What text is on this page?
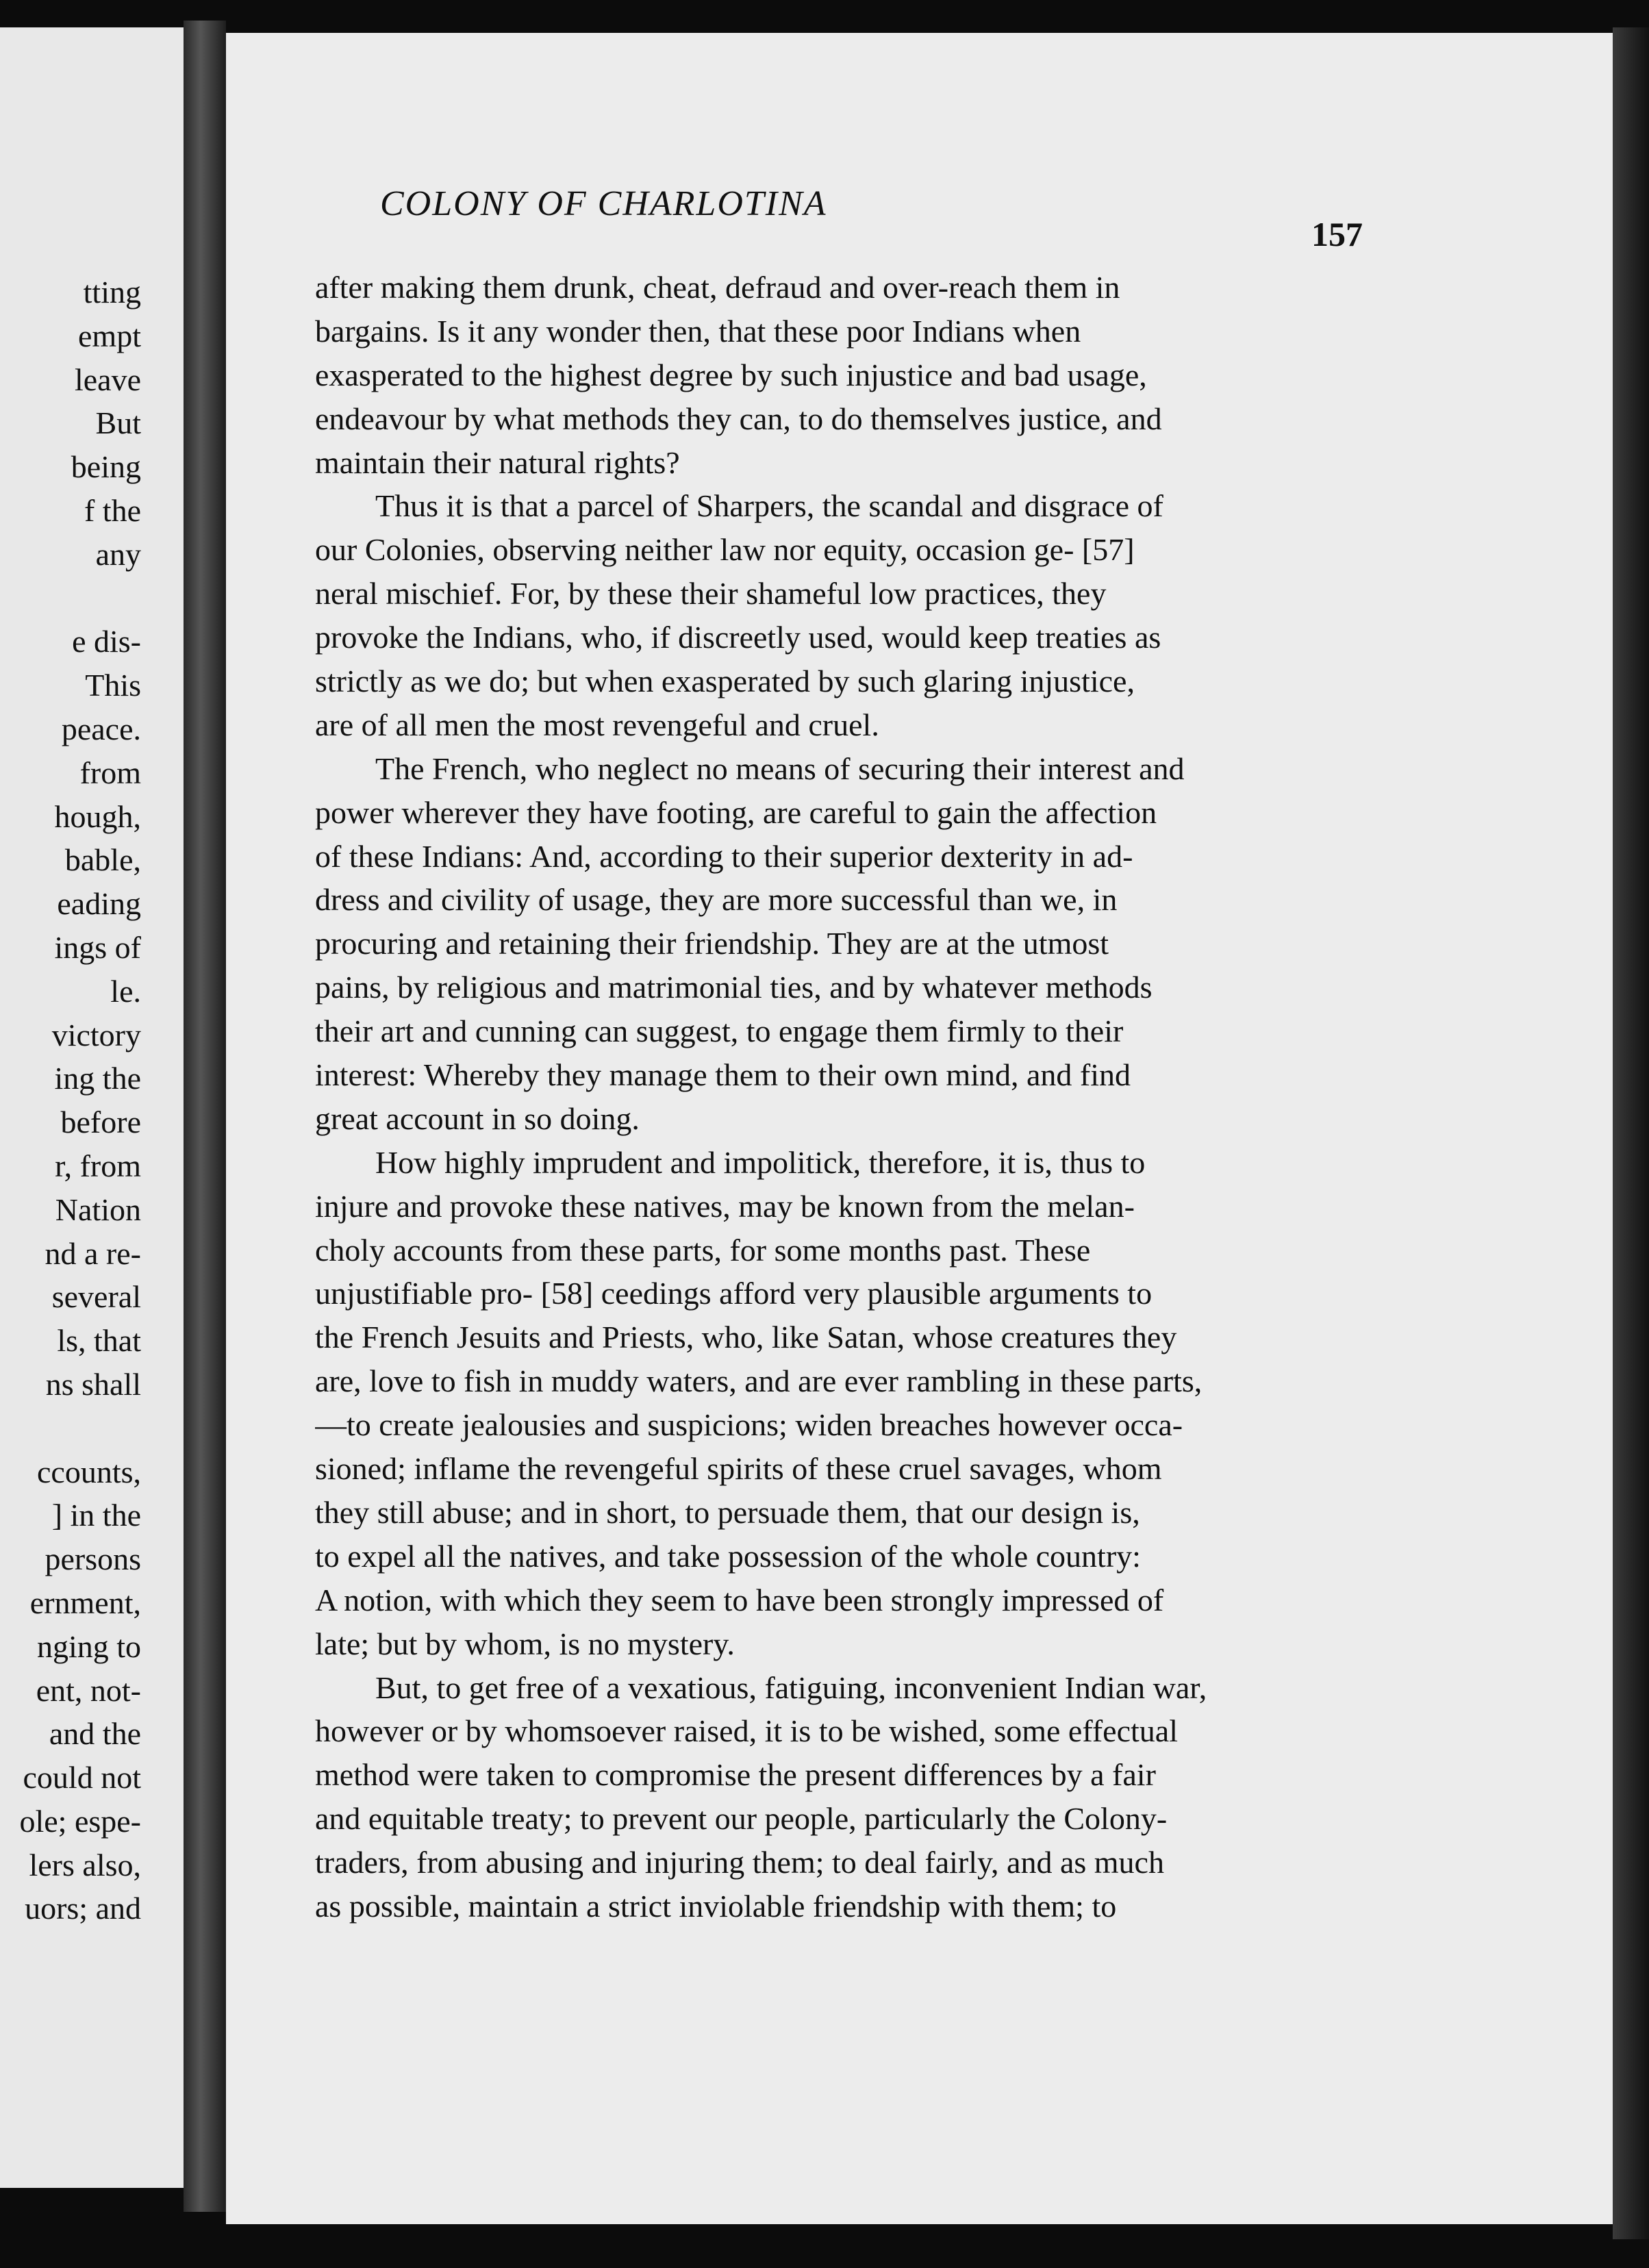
tting
empt
leave
But
being
f the
any
e dis-
This
peace.
from
hough,
bable,
eading
ings of
le.
victory
ing the
before
r, from
Nation
nd a re-
several
ls, that
ns shall
ccounts,
] in the
persons
ernment,
nging to
ent, not-
and the
could not
ole; espe-
lers also,
uors; and
COLONY OF CHARLOTINA
157
after making them drunk, cheat, defraud and over-reach them in
bargains. Is it any wonder then, that these poor Indians when
exasperated to the highest degree by such injustice and bad usage,
endeavour by what methods they can, to do themselves justice, and
maintain their natural rights?
Thus it is that a parcel of Sharpers, the scandal and disgrace of
our Colonies, observing neither law nor equity, occasion ge- [57]
neral mischief. For, by these their shameful low practices, they
provoke the Indians, who, if discreetly used, would keep treaties as
strictly as we do; but when exasperated by such glaring injustice,
are of all men the most revengeful and cruel.
The French, who neglect no means of securing their interest and
power wherever they have footing, are careful to gain the affection
of these Indians: And, according to their superior dexterity in ad-
dress and civility of usage, they are more successful than we, in
procuring and retaining their friendship. They are at the utmost
pains, by religious and matrimonial ties, and by whatever methods
their art and cunning can suggest, to engage them firmly to their
interest: Whereby they manage them to their own mind, and find
great account in so doing.
How highly imprudent and impolitick, therefore, it is, thus to
injure and provoke these natives, may be known from the melan-
choly accounts from these parts, for some months past. These
unjustifiable pro- [58] ceedings afford very plausible arguments to
the French Jesuits and Priests, who, like Satan, whose creatures they
are, love to fish in muddy waters, and are ever rambling in these parts,
—to create jealousies and suspicions; widen breaches however occa-
sioned; inflame the revengeful spirits of these cruel savages, whom
they still abuse; and in short, to persuade them, that our design is,
to expel all the natives, and take possession of the whole country:
A notion, with which they seem to have been strongly impressed of
late; but by whom, is no mystery.
But, to get free of a vexatious, fatiguing, inconvenient Indian war,
however or by whomsoever raised, it is to be wished, some effectual
method were taken to compromise the present differences by a fair
and equitable treaty; to prevent our people, particularly the Colony-
traders, from abusing and injuring them; to deal fairly, and as much
as possible, maintain a strict inviolable friendship with them; to
